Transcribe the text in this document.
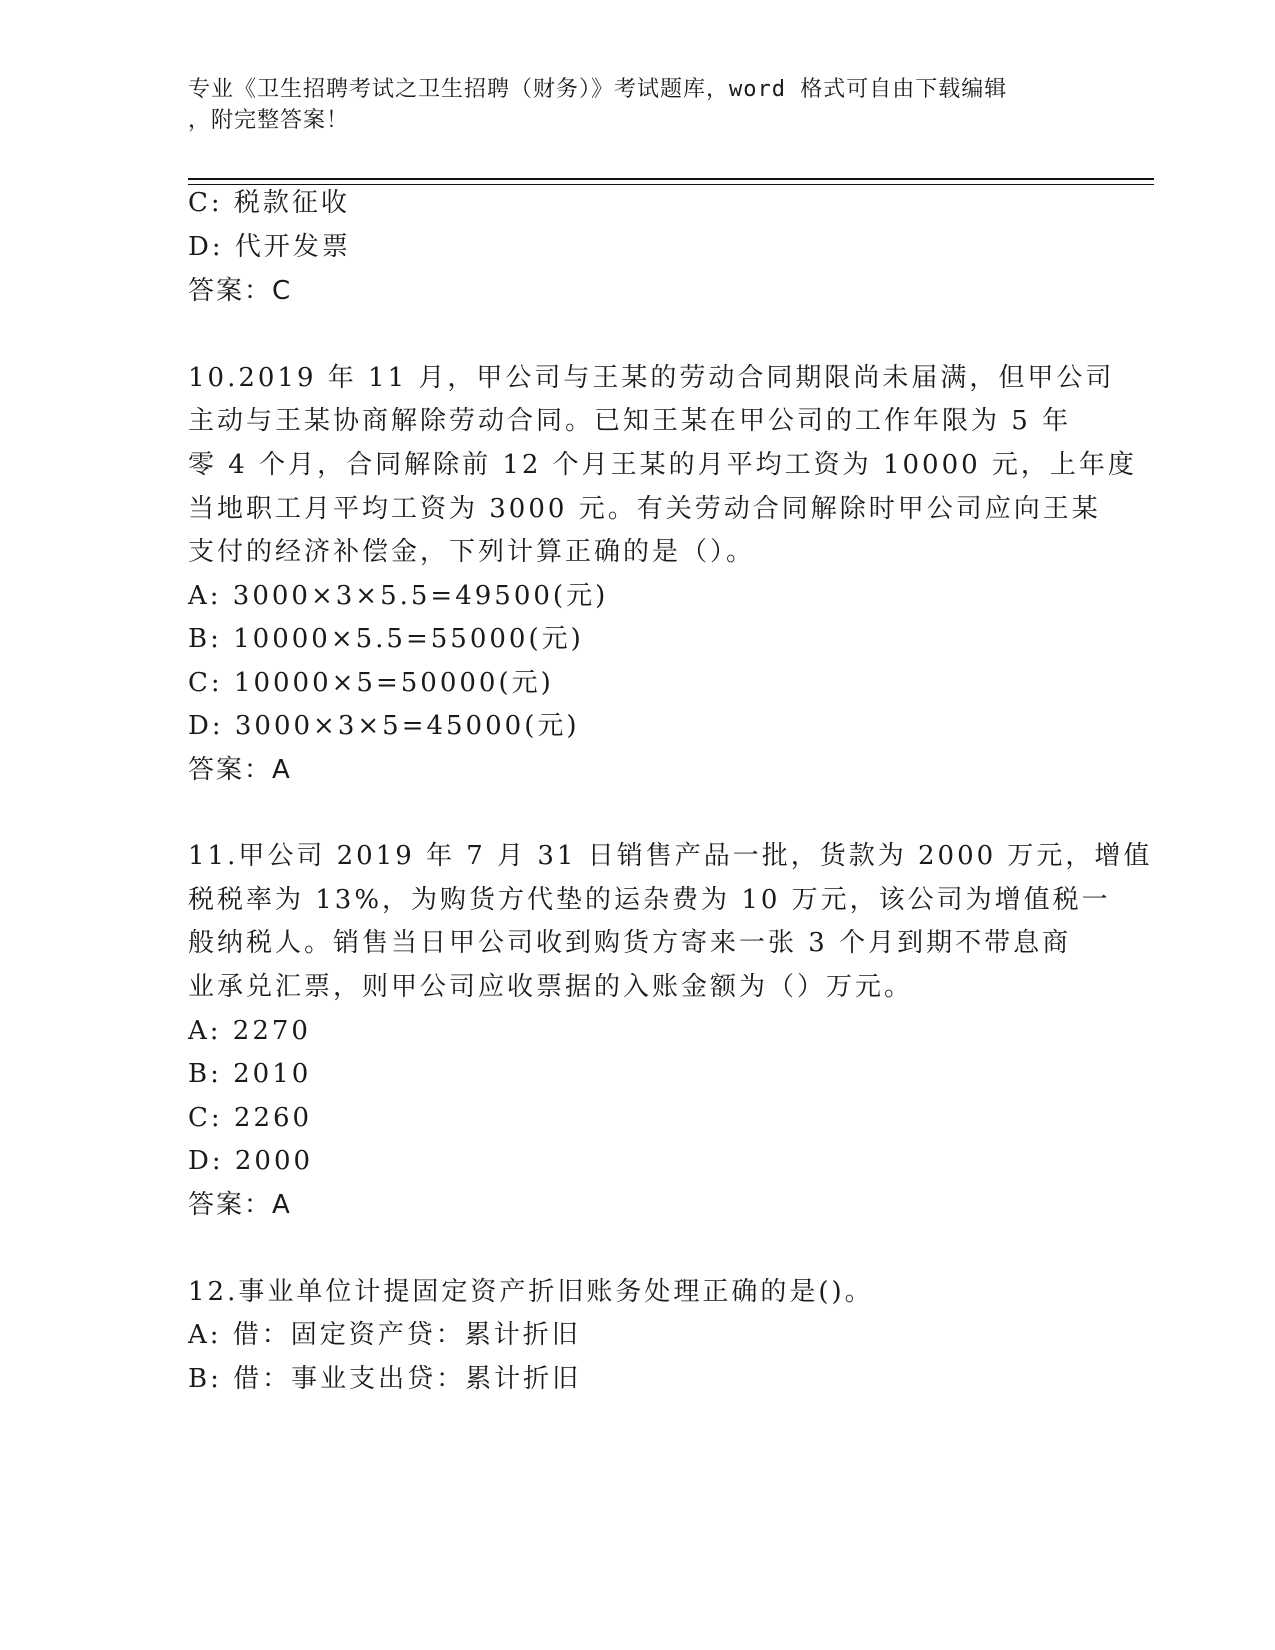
专业《卫生招聘考试之卫生招聘（财务）》考试题库，word 格式可自由下载编辑
，附完整答案！
C: 税款征收
D: 代开发票
答案：C
10.2019 年 11 月，甲公司与王某的劳动合同期限尚未届满，但甲公司
主动与王某协商解除劳动合同。已知王某在甲公司的工作年限为 5 年
零 4 个月，合同解除前 12 个月王某的月平均工资为 10000 元，上年度
当地职工月平均工资为 3000 元。有关劳动合同解除时甲公司应向王某
支付的经济补偿金，下列计算正确的是（）。
A: 3000×3×5.5=49500(元)
B: 10000×5.5=55000(元)
C: 10000×5=50000(元)
D: 3000×3×5=45000(元)
答案：A
11.甲公司 2019 年 7 月 31 日销售产品一批，货款为 2000 万元，增值
税税率为 13%，为购货方代垫的运杂费为 10 万元，该公司为增值税一
般纳税人。销售当日甲公司收到购货方寄来一张 3 个月到期不带息商
业承兑汇票，则甲公司应收票据的入账金额为（）万元。
A: 2270
B: 2010
C: 2260
D: 2000
答案：A
12.事业单位计提固定资产折旧账务处理正确的是()。
A: 借：固定资产贷：累计折旧
B: 借：事业支出贷：累计折旧
